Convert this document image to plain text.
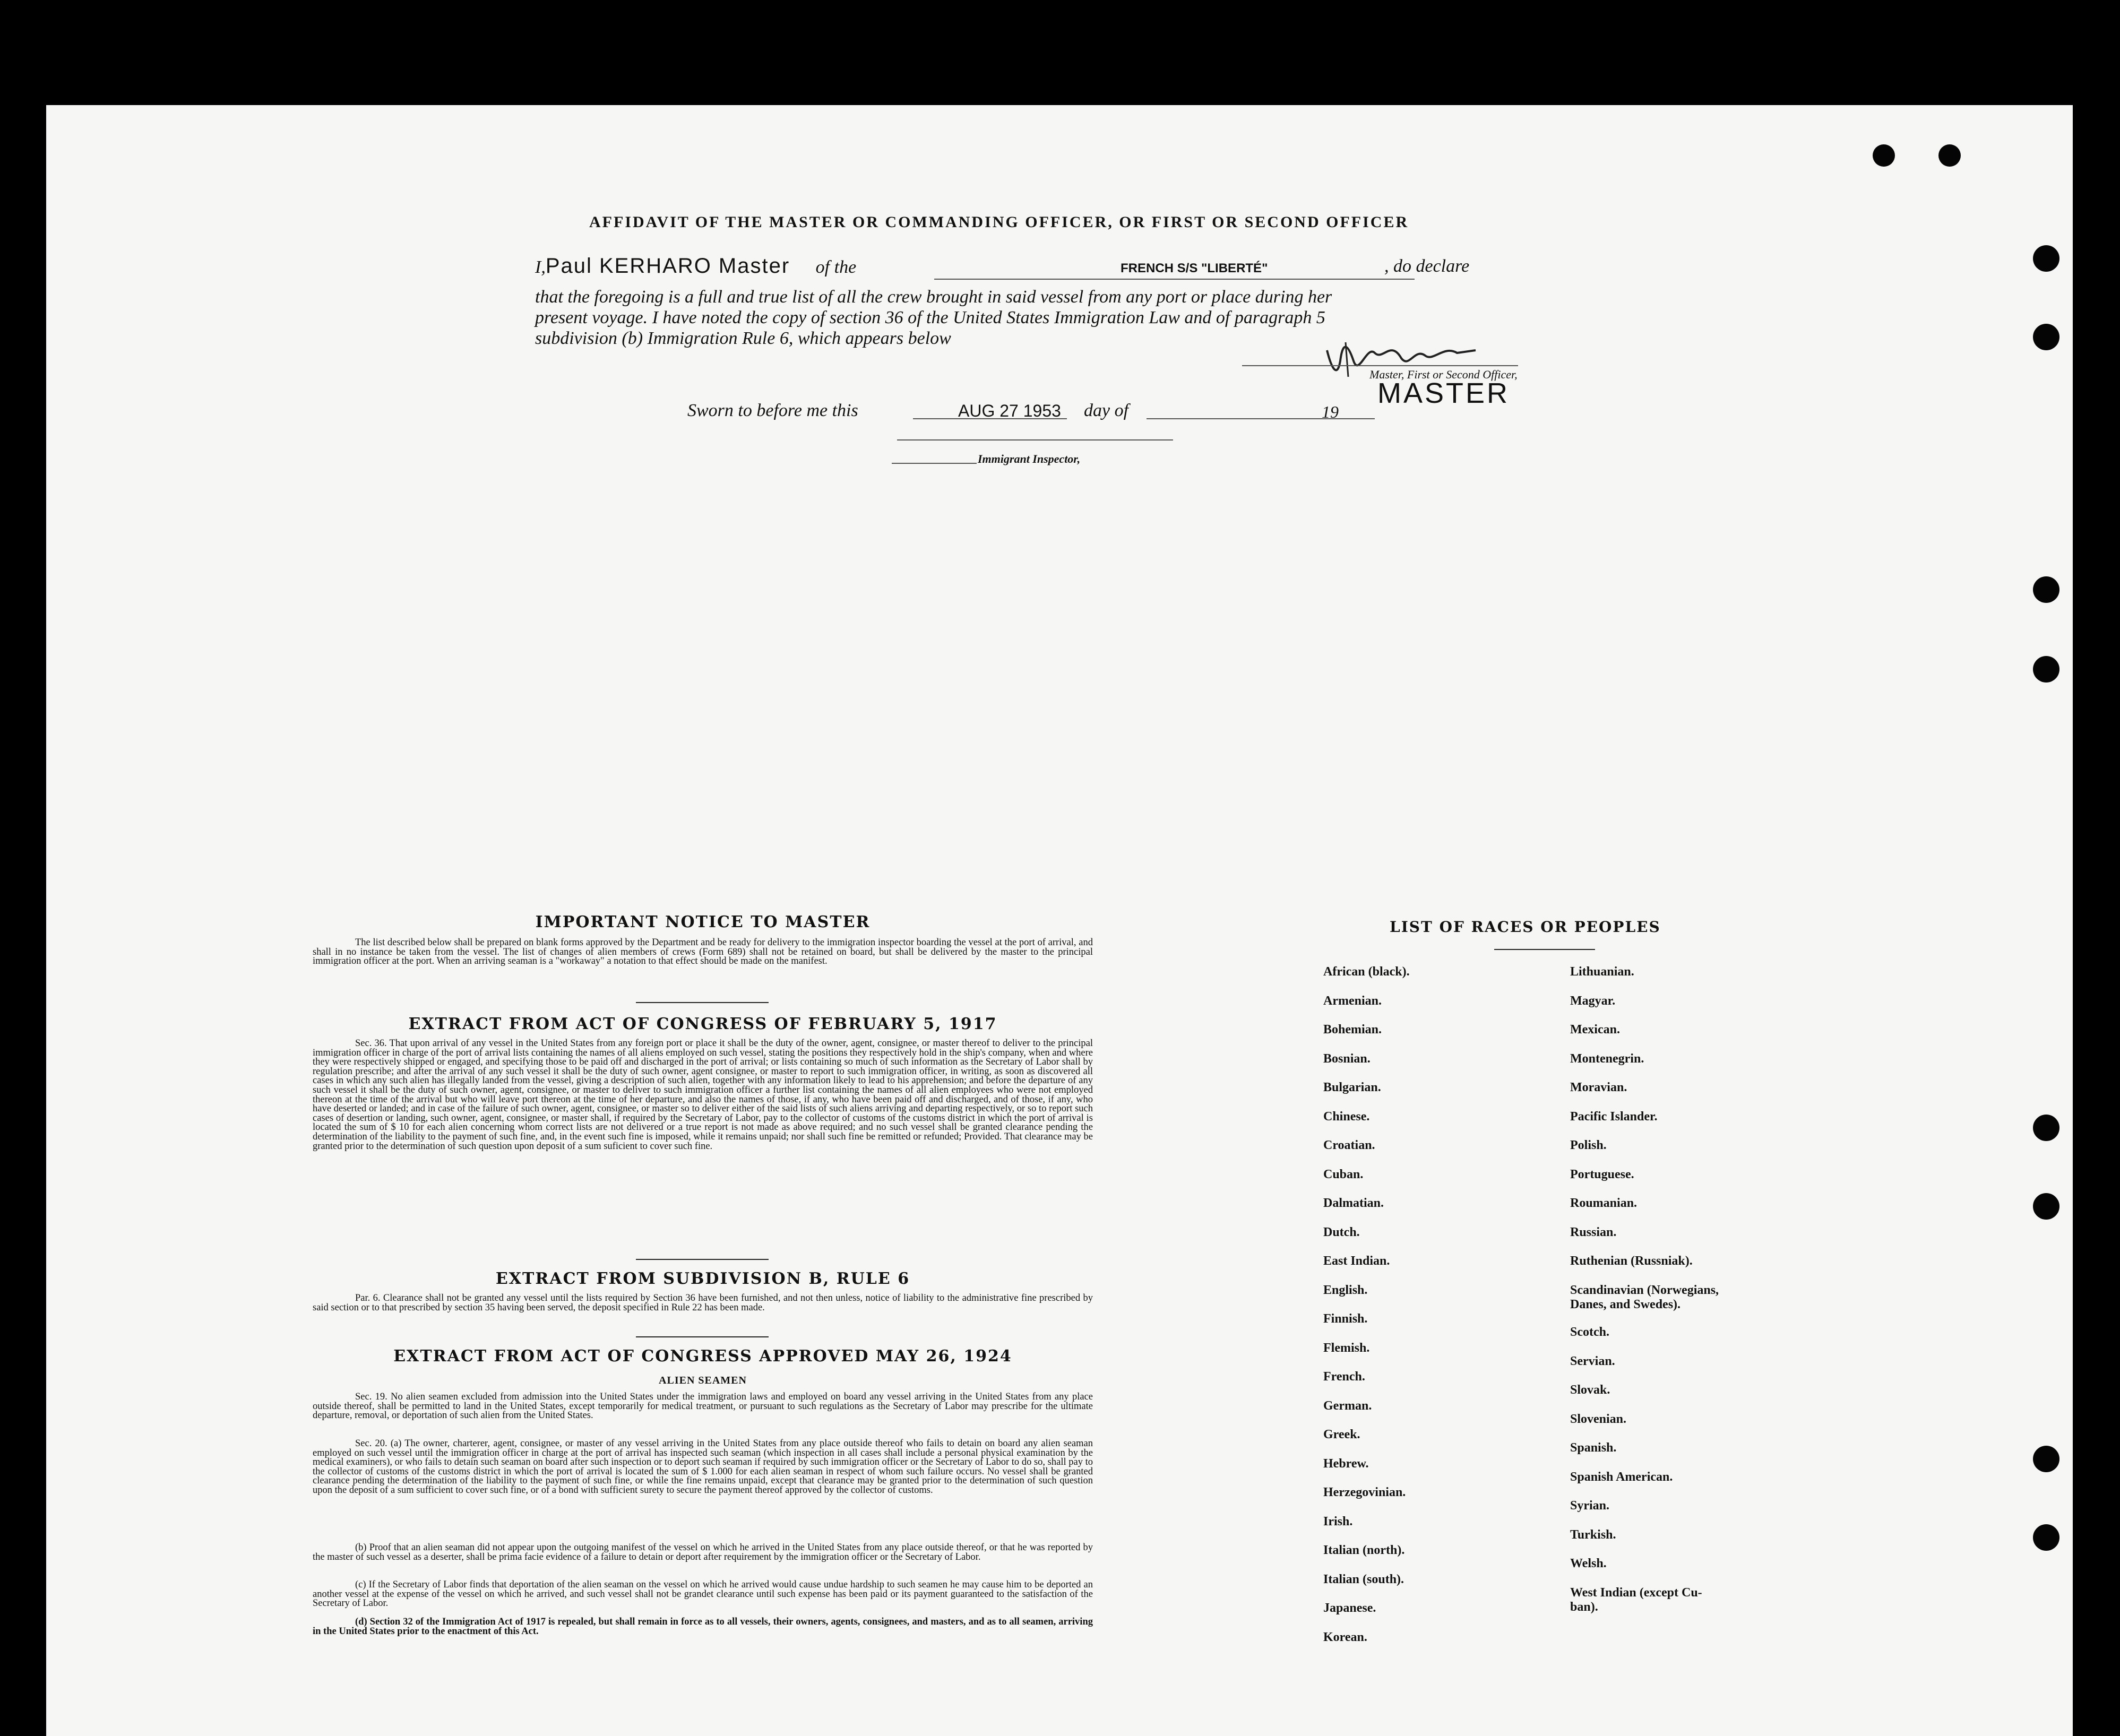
AFFIDAVIT OF THE MASTER OR COMMANDING OFFICER, OR FIRST OR SECOND OFFICER
I,Paul KERHARO Master of the	FRENCH S/S "LIBERTÉ"	, do declare
that the foregoing is a full and true list of all the crew brought in said vessel from any port or place during her
present voyage. I have noted the copy of section 36 of the United States Immigration Law and of paragraph 5
subdivision (b) Immigration Rule 6, which appears below
Master, First or Second Officer,
MASTER
Sworn to before me this	AUG 27 1953 day of	19
Immigrant Inspector,
IMPORTANT NOTICE TO MASTER
The list described below shall be prepared on blank forms approved by the Department and be ready for delivery to the immigration inspector boarding the vessel at the port of arrival, and shall in no instance be taken from the vessel. The list of changes of alien members of crews (Form 689) shall not be retained on board, but shall be delivered by the master to the principal immigration officer at the port. When an arriving seaman is a "workaway" a notation to that effect should be made on the manifest.
EXTRACT FROM ACT OF CONGRESS OF FEBRUARY 5, 1917
Sec. 36. That upon arrival of any vessel in the United States from any foreign port or place it shall be the duty of the owner, agent, consignee, or master thereof to deliver to the principal immigration officer in charge of the port of arrival lists containing the names of all aliens employed on such vessel, stating the positions they respectively hold in the ship's company, when and where they were respectively shipped or engaged, and specifying those to be paid off and discharged in the port of arrival; or lists containing so much of such information as the Secretary of Labor shall by regulation prescribe; and after the arrival of any such vessel it shall be the duty of such owner, agent consignee, or master to report to such immigration officer, in writing, as soon as discovered all cases in which any such alien has illegally landed from the vessel, giving a description of such alien, together with any information likely to lead to his apprehension; and before the departure of any such vessel it shall be the duty of such owner, agent, consignee, or master to deliver to such immigration officer a further list containing the names of all alien employees who were not employed thereon at the time of the arrival but who will leave port thereon at the time of her departure, and also the names of those, if any, who have been paid off and discharged, and of those, if any, who have deserted or landed; and in case of the failure of such owner, agent, consignee, or master so to deliver either of the said lists of such aliens arriving and departing respectively, or so to report such cases of desertion or landing, such owner, agent, consignee, or master shall, if required by the Secretary of Labor, pay to the collector of customs of the customs district in which the port of arrival is located the sum of $ 10 for each alien concerning whom correct lists are not delivered or a true report is not made as above required; and no such vessel shall be granted clearance pending the determination of the liability to the payment of such fine, and, in the event such fine is imposed, while it remains unpaid; nor shall such fine be remitted or refunded; Provided. That clearance may be granted prior to the determination of such question upon deposit of a sum suficient to cover such fine.
EXTRACT FROM SUBDIVISION B, RULE 6
Par. 6. Clearance shall not be granted any vessel until the lists required by Section 36 have been furnished, and not then unless, notice of liability to the administrative fine prescribed by said section or to that prescribed by section 35 having been served, the deposit specified in Rule 22 has been made.
EXTRACT FROM ACT OF CONGRESS APPROVED MAY 26, 1924
ALIEN SEAMEN
Sec. 19. No alien seamen excluded from admission into the United States under the immigration laws and employed on board any vessel arriving in the United States from any place outside thereof, shall be permitted to land in the United States, except temporarily for medical treatment, or pursuant to such regulations as the Secretary of Labor may prescribe for the ultimate departure, removal, or deportation of such alien from the United States.
Sec. 20. (a) The owner, charterer, agent, consignee, or master of any vessel arriving in the United States from any place outside thereof who fails to detain on board any alien seaman employed on such vessel until the immigration officer in charge at the port of arrival has inspected such seaman (which inspection in all cases shall include a personal physical examination by the medical examiners), or who fails to detain such seaman on board after such inspection or to deport such seaman if required by such immigration officer or the Secretary of Labor to do so, shall pay to the collector of customs of the customs district in which the port of arrival is located the sum of $ 1.000 for each alien seaman in respect of whom such failure occurs. No vessel shall be granted clearance pending the determination of the liability to the payment of such fine, or while the fine remains unpaid, except that clearance may be granted prior to the determination of such question upon the deposit of a sum sufficient to cover such fine, or of a bond with sufficient surety to secure the payment thereof approved by the collector of customs.
(b) Proof that an alien seaman did not appear upon the outgoing manifest of the vessel on which he arrived in the United States from any place outside thereof, or that he was reported by the master of such vessel as a deserter, shall be prima facie evidence of a failure to detain or deport after requirement by the immigration officer or the Secretary of Labor.
(c) If the Secretary of Labor finds that deportation of the alien seaman on the vessel on which he arrived would cause undue hardship to such seamen he may cause him to be deported an another vessel at the expense of the vessel on which he arrived, and such vessel shall not be grandet clearance until such expense has been paid or its payment guaranteed to the satisfaction of the Secretary of Labor.
(d) Section 32 of the Immigration Act of 1917 is repealed, but shall remain in force as to all vessels, their owners, agents, consignees, and masters, and as to all seamen, arriving in the United States prior to the enactment of this Act.
LIST OF RACES OR PEOPLES
African (black).
Armenian.
Bohemian.
Bosnian.
Bulgarian.
Chinese.
Croatian.
Cuban.
Dalmatian.
Dutch.
East Indian.
English.
Finnish.
Flemish.
French.
German.
Greek.
Hebrew.
Herzegovinian.
Irish.
Italian (north).
Italian (south).
Japanese.
Korean.
Lithuanian.
Magyar.
Mexican.
Montenegrin.
Moravian.
Pacific Islander.
Polish.
Portuguese.
Roumanian.
Russian.
Ruthenian (Russniak).
Scandinavian (Norwegians,
Danes, and Swedes).
Scotch.
Servian.
Slovak.
Slovenian.
Spanish.
Spanish American.
Syrian.
Turkish.
Welsh.
West Indian (except Cu-
ban).
